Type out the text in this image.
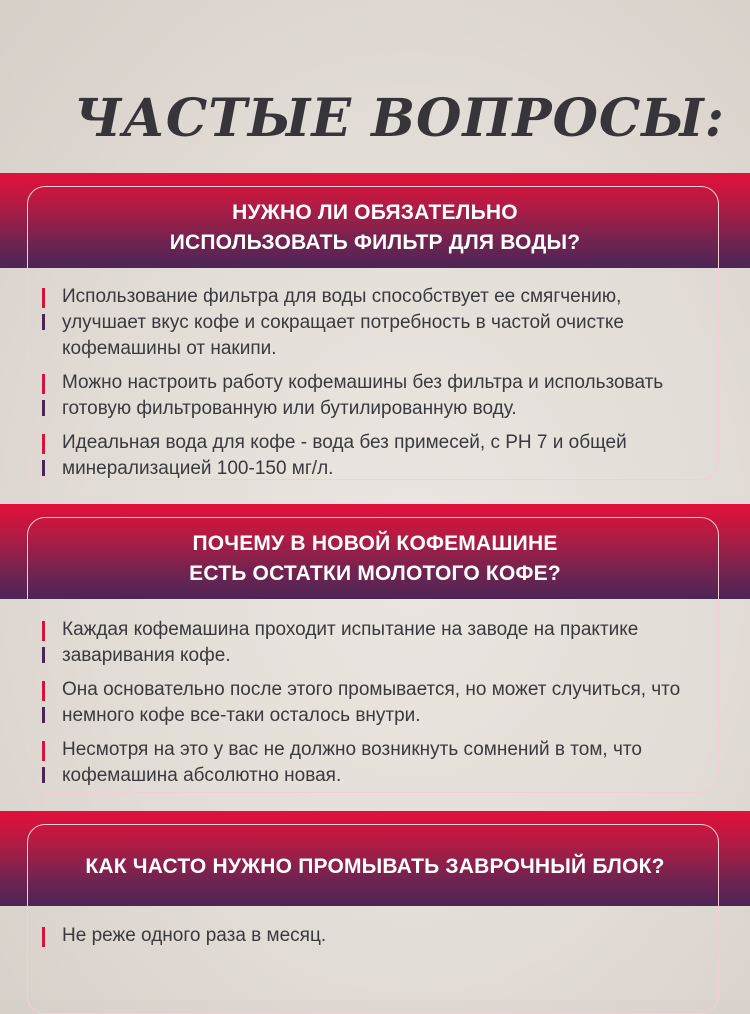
ЧАСТЫЕ ВОПРОСЫ:
НУЖНО ЛИ ОБЯЗАТЕЛЬНО
ИСПОЛЬЗОВАТЬ ФИЛЬТР ДЛЯ ВОДЫ?
Использование фильтра для воды способствует ее смягчению, улучшает вкус кофе и сокращает потребность в частой очистке кофемашины от накипи.
Можно настроить работу кофемашины без фильтра и использовать готовую фильтрованную или бутилированную воду.
Идеальная вода для кофе - вода без примесей, с РН 7 и общей минерализацией 100-150 мг/л.
ПОЧЕМУ В НОВОЙ КОФЕМАШИНЕ
ЕСТЬ ОСТАТКИ МОЛОТОГО КОФЕ?
Каждая кофемашина проходит испытание на заводе на практике заваривания кофе.
Она основательно после этого промывается, но может случиться, что немного кофе все-таки осталось внутри.
Несмотря на это у вас не должно возникнуть сомнений в том, что кофемашина абсолютно новая.
КАК ЧАСТО НУЖНО ПРОМЫВАТЬ ЗАВРОЧНЫЙ БЛОК?
Не реже одного раза в месяц.
